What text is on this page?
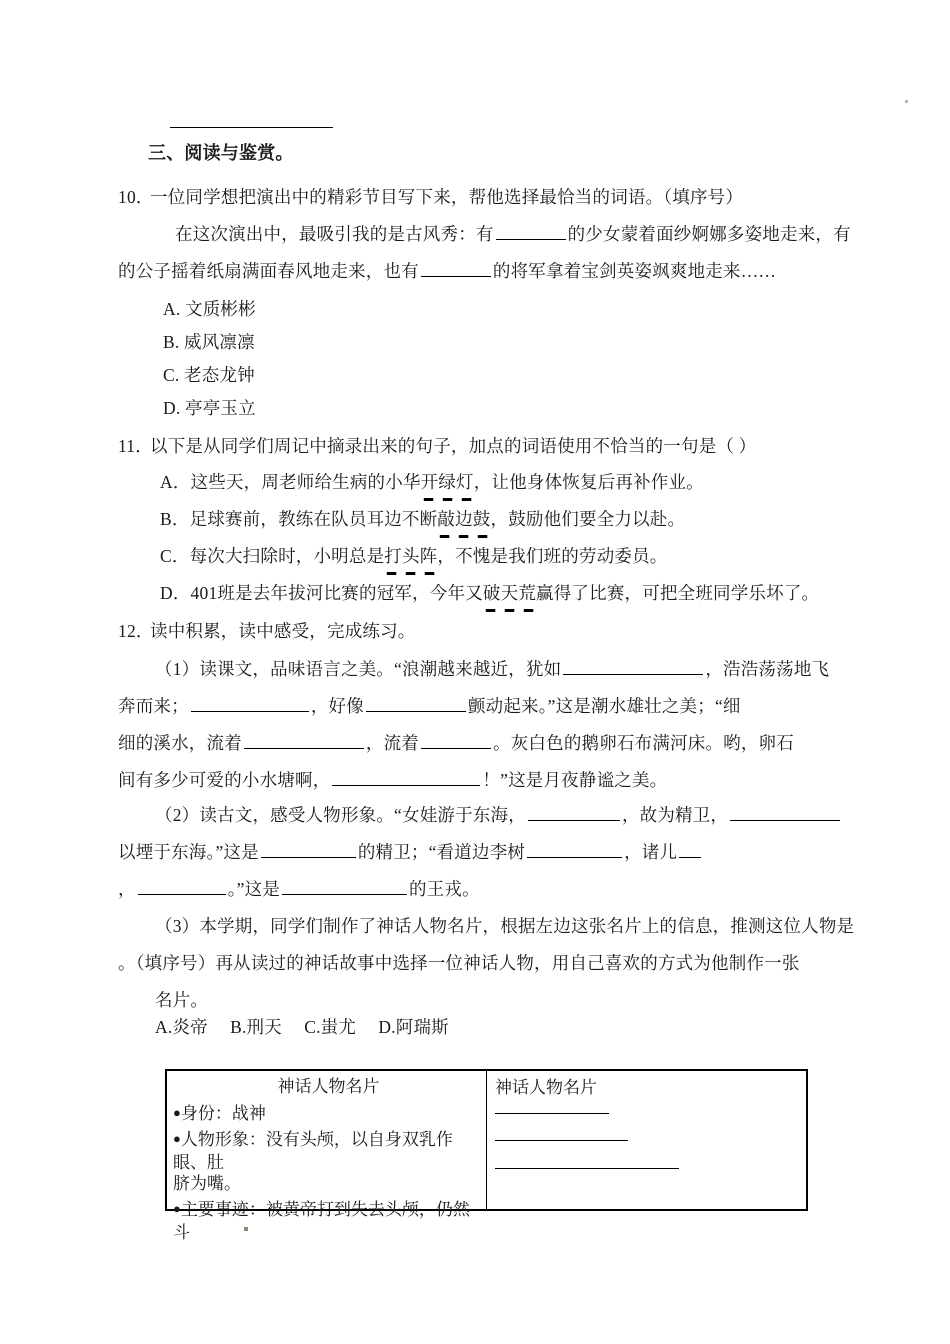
三、阅读与鉴赏。
10．
一位同学想把演出中的精彩节目写下来，帮他选择最恰当的词语。（填序号）
在这次演出中，最吸引我的是古风秀：有	的少女蒙着面纱婀娜多姿地走来，有
的公子摇着纸扇满面春风地走来，也有	的将军拿着宝剑英姿飒爽地走来……
A. 文质彬彬
B. 威风凛凛
C. 老态龙钟
D. 亭亭玉立
11．
以下是从同学们周记中摘录出来的句子，加点的词语使用不恰当的一句是（ ）
A．这些天，周老师给生病的小华开绿灯，让他身体恢复后再补作业。
B．足球赛前，教练在队员耳边不断敲边鼓，鼓励他们要全力以赴。
C．每次大扫除时，小明总是打头阵，不愧是我们班的劳动委员。
D．401班是去年拔河比赛的冠军，今年又破天荒赢得了比赛，可把全班同学乐坏了。
12．
读中积累，读中感受，完成练习。
（1）读课文，品味语言之美。“浪潮越来越近，犹如	，浩浩荡荡地飞
奔而来；	，好像	颤动起来。”这是潮水雄壮之美；“细
细的溪水，流着	，流着	。灰白色的鹅卵石布满河床。哟，卵石
间有多少可爱的小水塘啊，	！”这是月夜静谧之美。
（2）读古文，感受人物形象。“女娃游于东海，	，故为精卫，
以堙于东海。”这是	的精卫；“看道边李树	，诸儿
，	。”这是	的王戎。
（3）本学期，同学们制作了神话人物名片，根据左边这张名片上的信息，推测这位人物是
。（填序号）再从读过的神话故事中选择一位神话人物，用自己喜欢的方式为他制作一张
名片。
A.炎帝　 B.刑天　 C.蚩尤　 D.阿瑞斯
神话人物名片
●身份：战神
●人物形象：没有头颅，以自身双乳作眼、肚
脐为嘴。
●主要事迹：被黄帝打到失去头颅，仍然斗
神话人物名片
